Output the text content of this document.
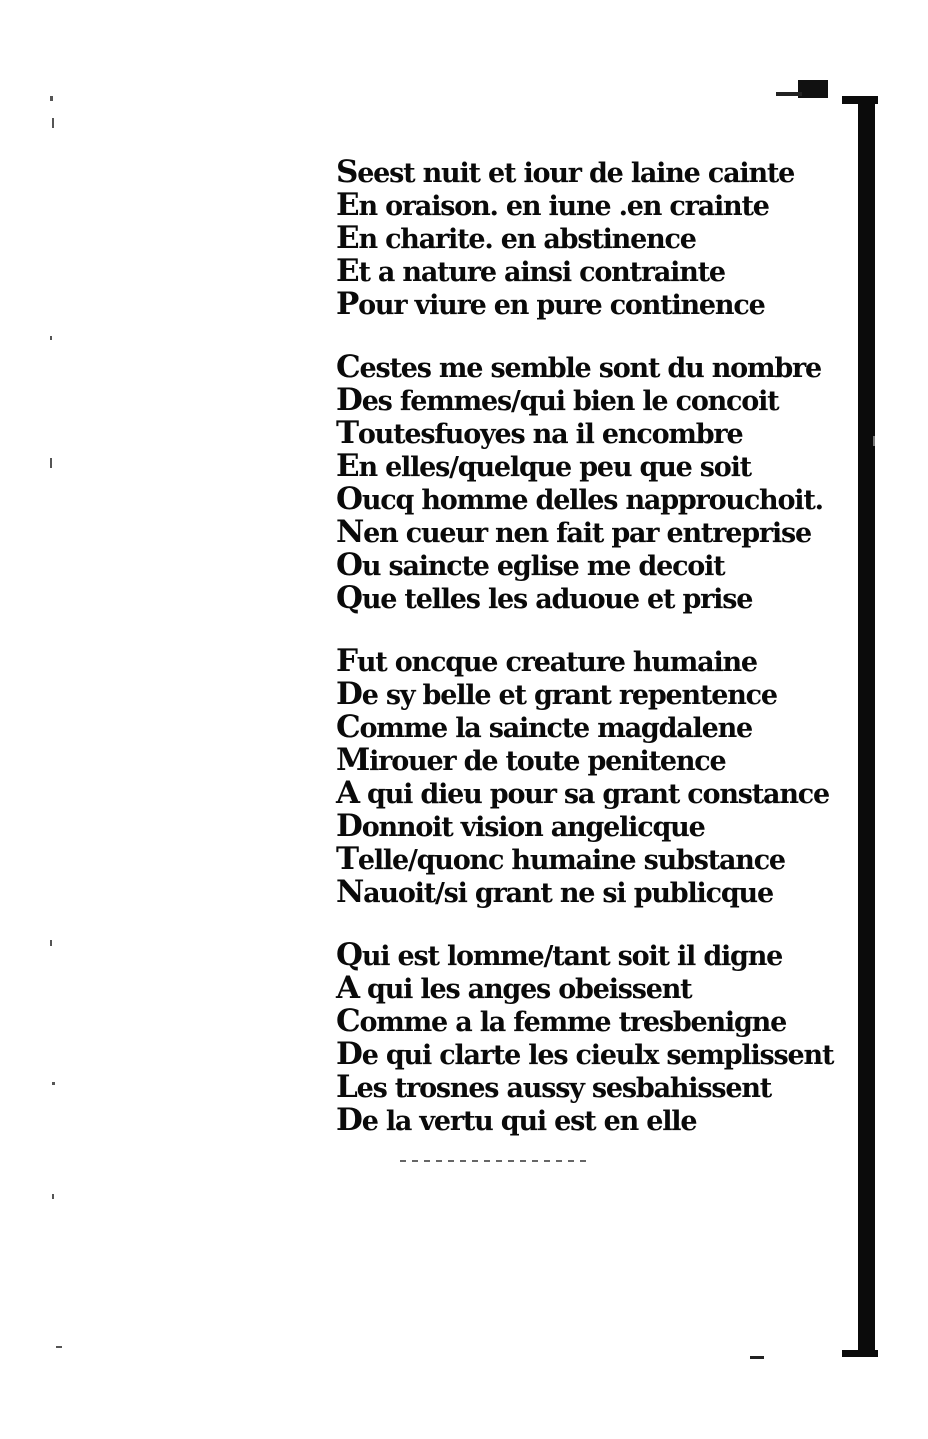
Seest nuit et iour de laine cainte
En oraison. en iune .en crainte
En charite. en abstinence
Et a nature ainsi contrainte
Pour viure en pure continence
Cestes me semble sont du nombre
Des femmes/qui bien le concoit
Toutesfuoyes na il encombre
En elles/quelque peu que soit
Oucq homme delles napprouchoit.
Nen cueur nen fait par entreprise
Ou saincte eglise me decoit
Que telles les aduoue et prise
Fut oncque creature humaine
De sy belle et grant repentence
Comme la saincte magdalene
Mirouer de toute penitence
A qui dieu pour sa grant constance
Donnoit vision angelicque
Telle/quonc humaine substance
Nauoit/si grant ne si publicque
Qui est lomme/tant soit il digne
A qui les anges obeissent
Comme a la femme tresbenigne
De qui clarte les cieulx semplissent
Les trosnes aussy sesbahissent
De la vertu qui est en elle
